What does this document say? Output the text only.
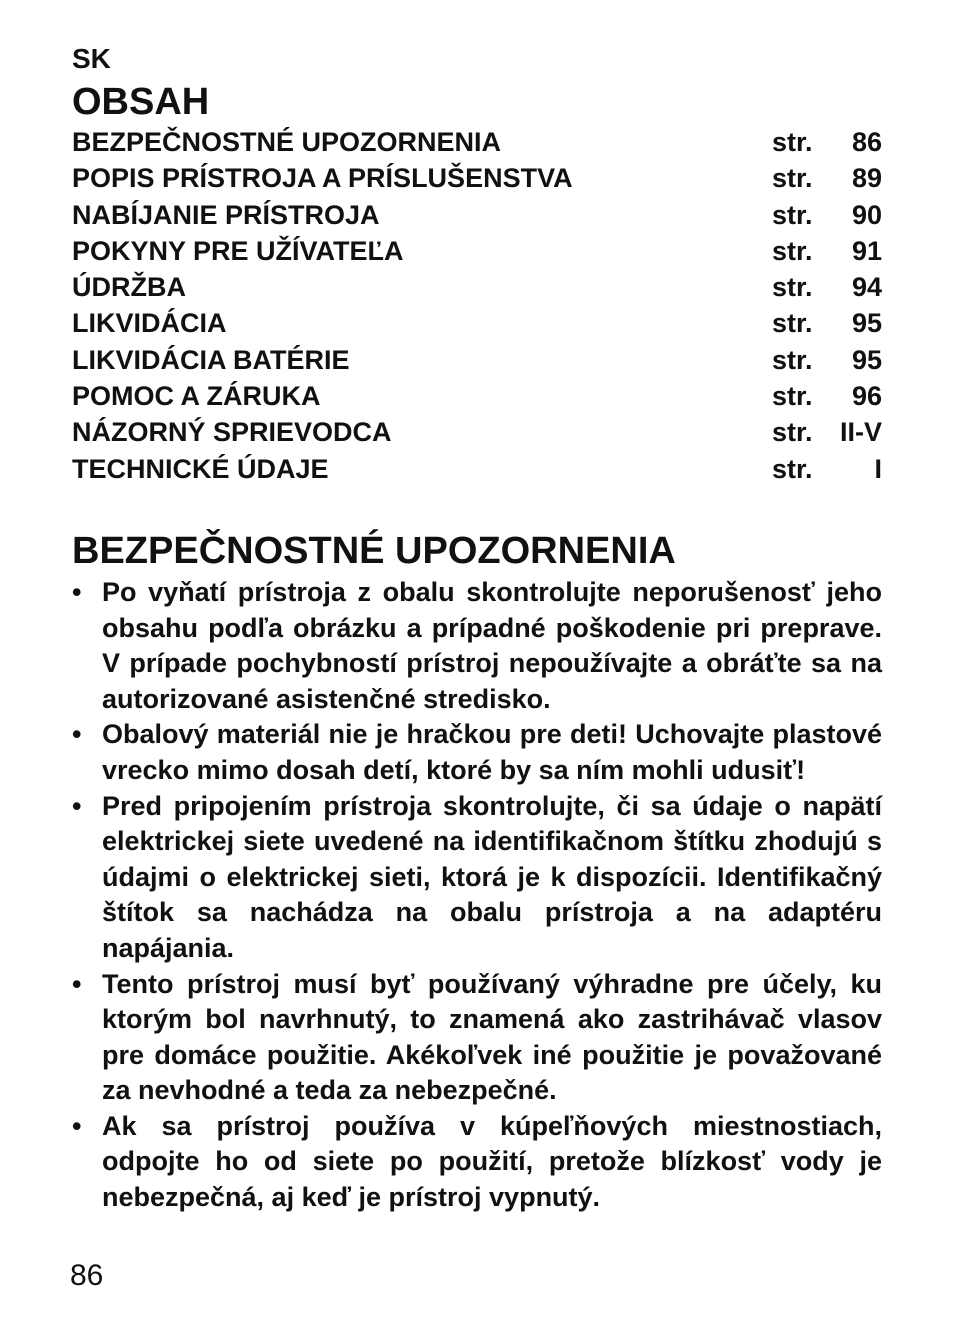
SK
OBSAH
BEZPEČNOSTNÉ UPOZORNENIA	str.	86
POPIS PRÍSTROJA A PRÍSLUŠENSTVA	str.	89
NABÍJANIE PRÍSTROJA	str.	90
POKYNY PRE UŽÍVATEĽA	str.	91
ÚDRŽBA	str.	94
LIKVIDÁCIA	str.	95
LIKVIDÁCIA BATÉRIE	str.	95
POMOC A ZÁRUKA	str.	96
NÁZORNÝ SPRIEVODCA	str.	II-V
TECHNICKÉ ÚDAJE	str.	I
BEZPEČNOSTNÉ UPOZORNENIA
• Po vyňatí prístroja z obalu skontrolujte neporušenosť jeho obsahu podľa obrázku a prípadné poškodenie pri preprave. V prípade pochybností prístroj nepoužívajte a obráťte sa na autorizované asistenčné stredisko.
• Obalový materiál nie je hračkou pre deti! Uchovajte plastové vrecko mimo dosah detí, ktoré by sa ním mohli udusiť!
• Pred pripojením prístroja skontrolujte, či sa údaje o napätí elektrickej siete uvedené na identifikačnom štítku zhodujú s údajmi o elektrickej sieti, ktorá je k dispozícii. Identifikačný štítok sa nachádza na obalu prístroja a na adaptéru napájania.
• Tento prístroj musí byť používaný výhradne pre účely, ku ktorým bol navrhnutý, to znamená ako zastrihávač vlasov pre domáce použitie. Akékoľvek iné použitie je považované za nevhodné a teda za nebezpečné.
• Ak sa prístroj používa v kúpeľňových miestnostiach, odpojte ho od siete po použití, pretože blízkosť vody je nebezpečná, aj keď je prístroj vypnutý.
86
